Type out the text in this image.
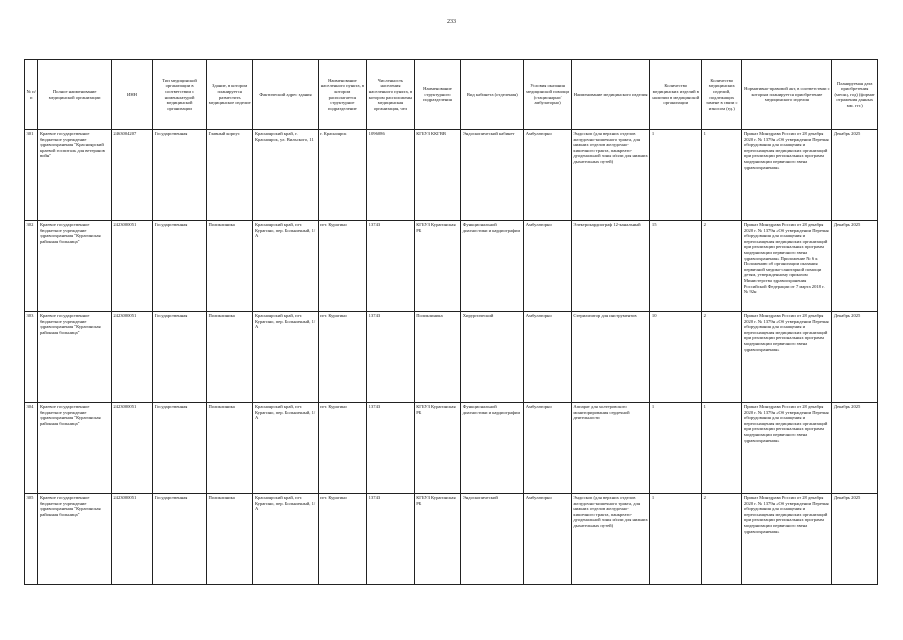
233
№ п/п	Полное наименование медицинской организации	ИНН	Тип медицинской организации в соответствии с номенклатурой медицинской организации	Здание, в котором планируется разместить медицинское изделие	Фактический адрес здания	Наименование населенного пункта, в котором располагается структурное подразделение	Численность населения населенного пункта, в котором расположены медицинская организация, чел	Наименование структурного подразделения	Вид кабинета (отделения)	Условия оказания медицинской помощи (стационарно/ амбулаторно)	Наименование медицинского изделия	Количество медицинских изделий в наличии в медицинской организации	Количество медицинских изделий, подлежащих замене в связи с износом (ед.)	Нормативно-правовой акт, в соответствии с которым планируется приобретение медицинского изделия	Планируемая дата приобретения (месяц, год) (формат отражения данных мм. ггг.)
301	Краевое государственное бюджетное учреждение здравоохранения "Красноярский краевой госпиталь для ветеранов войн"	2463004207	Государственная	Главный корпус	Красноярский край, г. Красноярск, ул. Вильского, 11	г. Красноярск	1096086	КГБУЗ ККГВВ	Эндоскопический кабинет	Амбулаторно	Эндоскоп (для верхних отделов желудочно-кишечного тракта, для нижних отделов желудочно-кишечного тракта, панкреато-дуоденальной зоны и/или для нижних дыхательных путей)	1	1	Приказ Минздрава России от 28 декабря 2020 г. № 1379н «Об утверждении Перечня оборудования для оснащения и переоснащения медицинских организаций при реализации региональных программ модернизации первичного звена здравоохранения»	Декабрь 2025
302	Краевое государственное бюджетное учреждение здравоохранения "Курагинская районная больница"	2423000051	Государственная	Поликлиника	Красноярский край, пгт. Курагино, пер. Больничный, 1/А	пгт. Курагино	13743	КГБУЗ Курагинская РБ	Функциональной диагностики и кардиографии	Амбулаторно	Электрокардиограф 12-канальный	15	2	Приказ Минздрава России от 28 декабря 2020 г. № 1379н «Об утверждении Перечня оборудования для оснащения и переоснащения медицинских организаций при реализации региональных программ модернизации первичного звена здравоохранения» Приложение № 6 к Положению об организации оказания первичной медико-санитарной помощи детям, утвержденному приказом Министерства здравоохранения Российской Федерации от 7 марта 2018 г. № 92н	Декабрь 2025
303	Краевое государственное бюджетное учреждение здравоохранения "Курагинская районная больница"	2423000051	Государственная	Поликлиника	Красноярский край, пгт. Курагино, пер. Больничный, 1/А	пгт. Курагино	13743	Поликлиника	Хирургический	Амбулаторно	Стерилизатор для инструментов	10	2	Приказ Минздрава России от 28 декабря 2020 г. № 1379н «Об утверждении Перечня оборудования для оснащения и переоснащения медицинских организаций при реализации региональных программ модернизации первичного звена здравоохранения»	Декабрь 2025
304	Краевое государственное бюджетное учреждение здравоохранения "Курагинская районная больница"	2423000051	Государственная	Поликлиника	Красноярский край, пгт. Курагино, пер. Больничный, 1/А	пгт. Курагино	13743	КГБУЗ Курагинская РБ	Функциональной диагностики и кардиографии	Амбулаторно	Аппарат для холтеровского мониторирования сердечной деятельности	1	1	Приказ Минздрава России от 28 декабря 2020 г. № 1379н «Об утверждении Перечня оборудования для оснащения и переоснащения медицинских организаций при реализации региональных программ модернизации первичного звена здравоохранения»	Декабрь 2025
305	Краевое государственное бюджетное учреждение здравоохранения "Курагинская районная больница"	2423000051	Государственная	Поликлиника	Красноярский край, пгт. Курагино, пер. Больничный, 1/А	пгт. Курагино	13743	КГБУЗ Курагинская РБ	Эндоскопический	Амбулаторно	Эндоскоп (для верхних отделов желудочно-кишечного тракта, для нижних отделов желудочно-кишечного тракта, панкреато-дуоденальной зоны и/или для нижних дыхательных путей)	1	2	Приказ Минздрава России от 28 декабря 2020 г. № 1379н «Об утверждении Перечня оборудования для оснащения и переоснащения медицинских организаций при реализации региональных программ модернизации первичного звена здравоохранения»	Декабрь 2025
